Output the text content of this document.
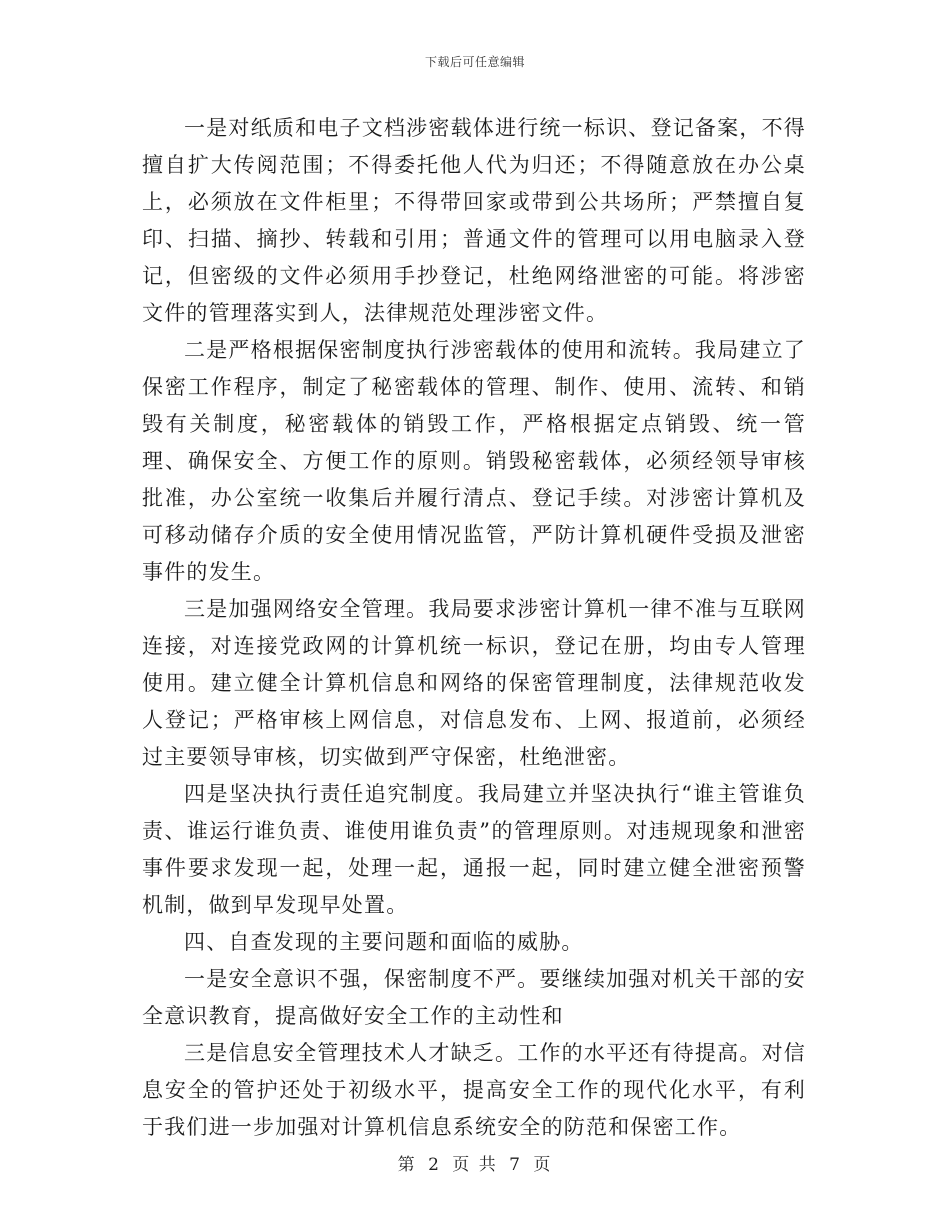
下载后可任意编辑

一是对纸质和电子文档涉密载体进行统一标识、登记备案，不得擅自扩大传阅范围；不得委托他人代为归还；不得随意放在办公桌上，必须放在文件柜里；不得带回家或带到公共场所；严禁擅自复印、扫描、摘抄、转载和引用；普通文件的管理可以用电脑录入登记，但密级的文件必须用手抄登记，杜绝网络泄密的可能。将涉密文件的管理落实到人，法律规范处理涉密文件。

二是严格根据保密制度执行涉密载体的使用和流转。我局建立了保密工作程序，制定了秘密载体的管理、制作、使用、流转、和销毁有关制度，秘密载体的销毁工作，严格根据定点销毁、统一管理、确保安全、方便工作的原则。销毁秘密载体，必须经领导审核批准，办公室统一收集后并履行清点、登记手续。对涉密计算机及可移动储存介质的安全使用情况监管，严防计算机硬件受损及泄密事件的发生。

三是加强网络安全管理。我局要求涉密计算机一律不准与互联网连接，对连接党政网的计算机统一标识，登记在册，均由专人管理使用。建立健全计算机信息和网络的保密管理制度，法律规范收发人登记；严格审核上网信息，对信息发布、上网、报道前，必须经过主要领导审核，切实做到严守保密，杜绝泄密。

四是坚决执行责任追究制度。我局建立并坚决执行“谁主管谁负责、谁运行谁负责、谁使用谁负责”的管理原则。对违规现象和泄密事件要求发现一起，处理一起，通报一起，同时建立健全泄密预警机制，做到早发现早处置。

四、自查发现的主要问题和面临的威胁。

一是安全意识不强，保密制度不严。要继续加强对机关干部的安全意识教育，提高做好安全工作的主动性和

三是信息安全管理技术人才缺乏。工作的水平还有待提高。对信息安全的管护还处于初级水平，提高安全工作的现代化水平，有利于我们进一步加强对计算机信息系统安全的防范和保密工作。

第 2 页 共 7 页
